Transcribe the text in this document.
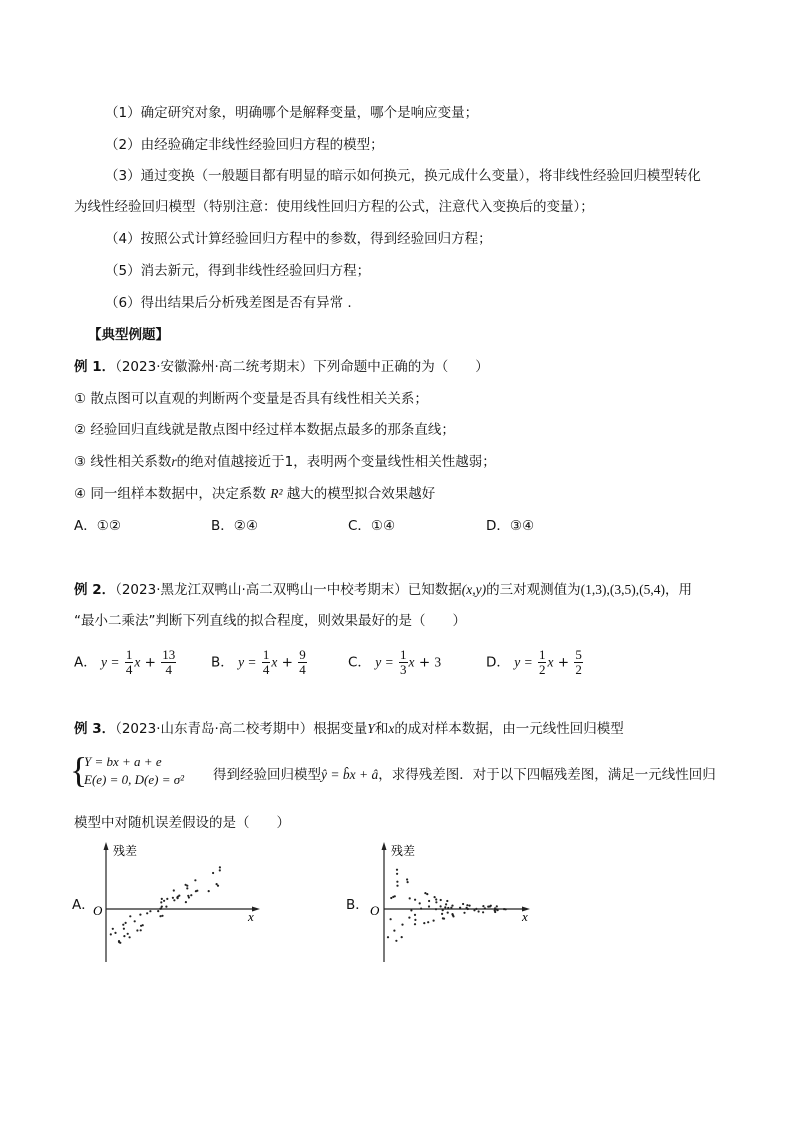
（1）确定研究对象，明确哪个是解释变量，哪个是响应变量；
（2）由经验确定非线性经验回归方程的模型；
（3）通过变换（一般题目都有明显的暗示如何换元，换元成什么变量），将非线性经验回归模型转化
为线性经验回归模型（特别注意：使用线性回归方程的公式，注意代入变换后的变量）；
（4）按照公式计算经验回归方程中的参数，得到经验回归方程；
（5）消去新元，得到非线性经验回归方程；
（6）得出结果后分析残差图是否有异常 .
【典型例题】
例 1．（2023·安徽滁州·高二统考期末）下列命题中正确的为（　　）
① 散点图可以直观的判断两个变量是否具有线性相关关系；
② 经验回归直线就是散点图中经过样本数据点最多的那条直线；
③ 线性相关系数r的绝对值越接近于1，表明两个变量线性相关性越弱；
④ 同一组样本数据中，决定系数 R² 越大的模型拟合效果越好
A．①②	B．②④	C．①④	D．③④
例 2．（2023·黑龙江双鸭山·高二双鸭山一中校考期末）已知数据(x,y)的三对观测值为(1,3),(3,5),(5,4)，用
“最小二乘法”判断下列直线的拟合程度，则效果最好的是（　　）
A． $y = \frac{1}{4}$ $x + \frac{13}{4}$	B． $y = \frac{1}{4}$ $x + \frac{9}{4}$	C． $y = \frac{1}{3}$ x + 3	D． $y = \frac{1}{2}$ $x + \frac{5}{2}$
例 3．（2023·山东青岛·高二校考期中）根据变量Y和x的成对样本数据，由一元线性回归模型
{
Y = bx + a + e
E(e) = 0, D(e) = σ² 得到经验回归模型ŷ = b̂x + â，求得残差图．对于以下四幅残差图，满足一元线性回归
模型中对随机误差假设的是（　　）
A．
残差
O	x
B．
残差
O	x
